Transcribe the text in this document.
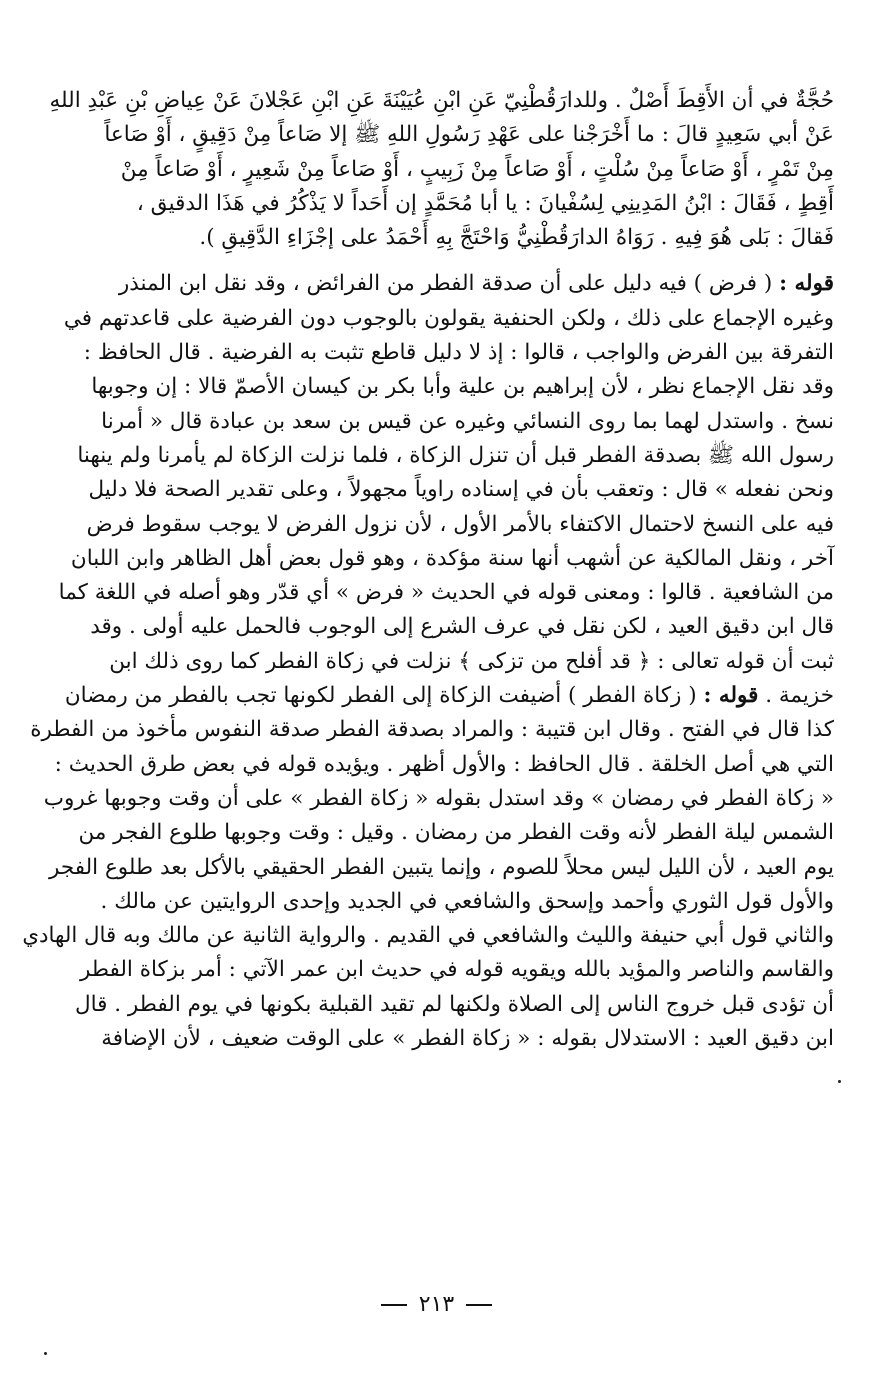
حُجَّةٌ في أن الأَقِطَ أَصْلٌ . وللدارَقُطْنِيّ عَنِ ابْنِ عُيَيْنَةَ عَنِ ابْنِ عَجْلانَ عَنْ عِياضِ بْنِ عَبْدِ اللهِ
عَنْ أبي سَعِيدٍ قالَ : ما أَخْرَجْنا على عَهْدِ رَسُولِ اللهِ ﷺ إلا صَاعاً مِنْ دَقِيقٍ ، أَوْ صَاعاً
مِنْ تَمْرٍ ، أَوْ صَاعاً مِنْ سُلْتٍ ، أَوْ صَاعاً مِنْ زَبِيبٍ ، أَوْ صَاعاً مِنْ شَعِيرٍ ، أَوْ صَاعاً مِنْ
أَقِطٍ ، فَقَالَ : ابْنُ المَدِينِي لِسُفْيانَ : يا أبا مُحَمَّدٍ إن أَحَداً لا يَذْكُرُ في هَذَا الدقيق ،
فَقالَ : بَلى هُوَ فِيهِ . رَوَاهُ الدارَقُطْنِيُّ وَاحْتَجَّ بِهِ أَحْمَدُ على إجْزَاءِ الدَّقِيقِ ).
قوله : ( فرض ) فيه دليل على أن صدقة الفطر من الفرائض ، وقد نقل ابن المنذر
وغيره الإجماع على ذلك ، ولكن الحنفية يقولون بالوجوب دون الفرضية على قاعدتهم في
التفرقة بين الفرض والواجب ، قالوا : إذ لا دليل قاطع تثبت به الفرضية . قال الحافظ :
وقد نقل الإجماع نظر ، لأن إبراهيم بن علية وأبا بكر بن كيسان الأصمّ قالا : إن وجوبها
نسخ . واستدل لهما بما روى النسائي وغيره عن قيس بن سعد بن عبادة قال « أمرنا
رسول الله ﷺ بصدقة الفطر قبل أن تنزل الزكاة ، فلما نزلت الزكاة لم يأمرنا ولم ينهنا
ونحن نفعله » قال : وتعقب بأن في إسناده راوياً مجهولاً ، وعلى تقدير الصحة فلا دليل
فيه على النسخ لاحتمال الاكتفاء بالأمر الأول ، لأن نزول الفرض لا يوجب سقوط فرض
آخر ، ونقل المالكية عن أشهب أنها سنة مؤكدة ، وهو قول بعض أهل الظاهر وابن اللبان
من الشافعية . قالوا : ومعنى قوله في الحديث « فرض » أي قدّر وهو أصله في اللغة كما
قال ابن دقيق العيد ، لكن نقل في عرف الشرع إلى الوجوب فالحمل عليه أولى . وقد
ثبت أن قوله تعالى : ﴿ قد أفلح من تزكى ﴾ نزلت في زكاة الفطر كما روى ذلك ابن
خزيمة . قوله : ( زكاة الفطر ) أضيفت الزكاة إلى الفطر لكونها تجب بالفطر من رمضان
كذا قال في الفتح . وقال ابن قتيبة : والمراد بصدقة الفطر صدقة النفوس مأخوذ من الفطرة
التي هي أصل الخلقة . قال الحافظ : والأول أظهر . ويؤيده قوله في بعض طرق الحديث :
« زكاة الفطر في رمضان » وقد استدل بقوله « زكاة الفطر » على أن وقت وجوبها غروب
الشمس ليلة الفطر لأنه وقت الفطر من رمضان . وقيل : وقت وجوبها طلوع الفجر من
يوم العيد ، لأن الليل ليس محلاً للصوم ، وإنما يتبين الفطر الحقيقي بالأكل بعد طلوع الفجر
والأول قول الثوري وأحمد وإسحق والشافعي في الجديد وإحدى الروايتين عن مالك .
والثاني قول أبي حنيفة والليث والشافعي في القديم . والرواية الثانية عن مالك وبه قال الهادي
والقاسم والناصر والمؤيد بالله ويقويه قوله في حديث ابن عمر الآتي : أمر بزكاة الفطر
أن تؤدى قبل خروج الناس إلى الصلاة ولكنها لم تقيد القبلية بكونها في يوم الفطر . قال
ابن دقيق العيد : الاستدلال بقوله : « زكاة الفطر » على الوقت ضعيف ، لأن الإضافة
٢١٣
